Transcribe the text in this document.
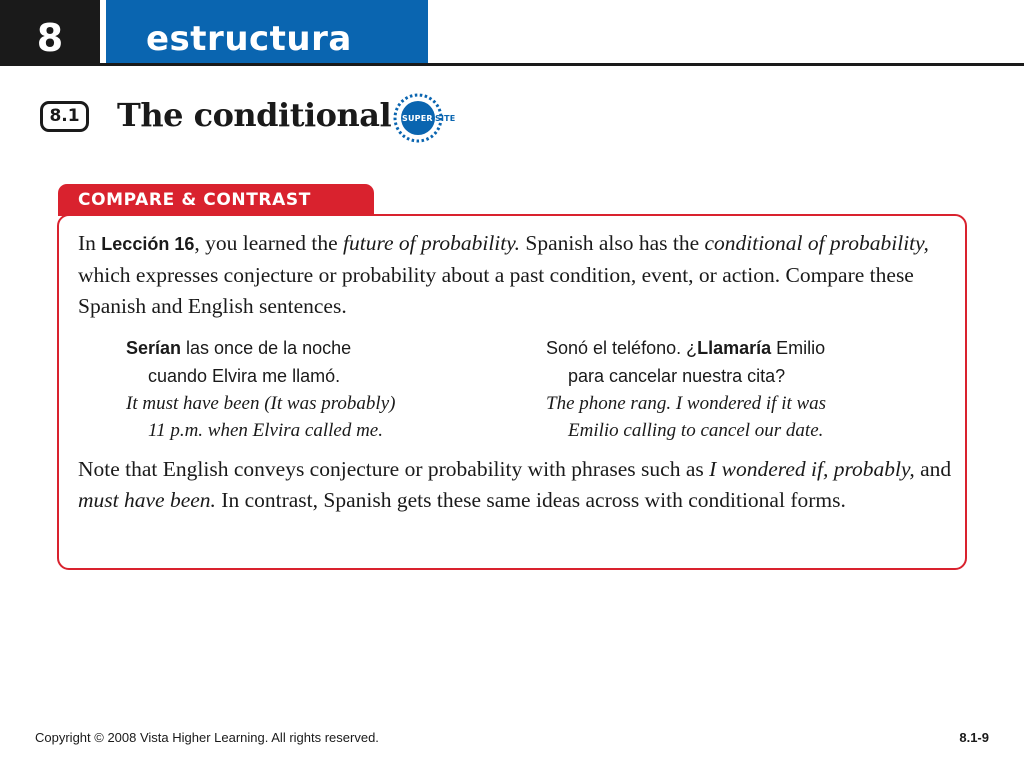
8	estructura
8.1 The conditional SUPER SITE
COMPARE & CONTRAST
In Lección 16, you learned the future of probability. Spanish also has the conditional of probability, which expresses conjecture or probability about a past condition, event, or action. Compare these Spanish and English sentences.
Serían las once de la noche
cuando Elvira me llamó.
It must have been (It was probably)
11 p.m. when Elvira called me.
Sonó el teléfono. ¿Llamaría Emilio
para cancelar nuestra cita?
The phone rang. I wondered if it was
Emilio calling to cancel our date.
Note that English conveys conjecture or probability with phrases such as I wondered if, probably, and must have been. In contrast, Spanish gets these same ideas across with conditional forms.
Copyright © 2008 Vista Higher Learning. All rights reserved.	8.1-9
